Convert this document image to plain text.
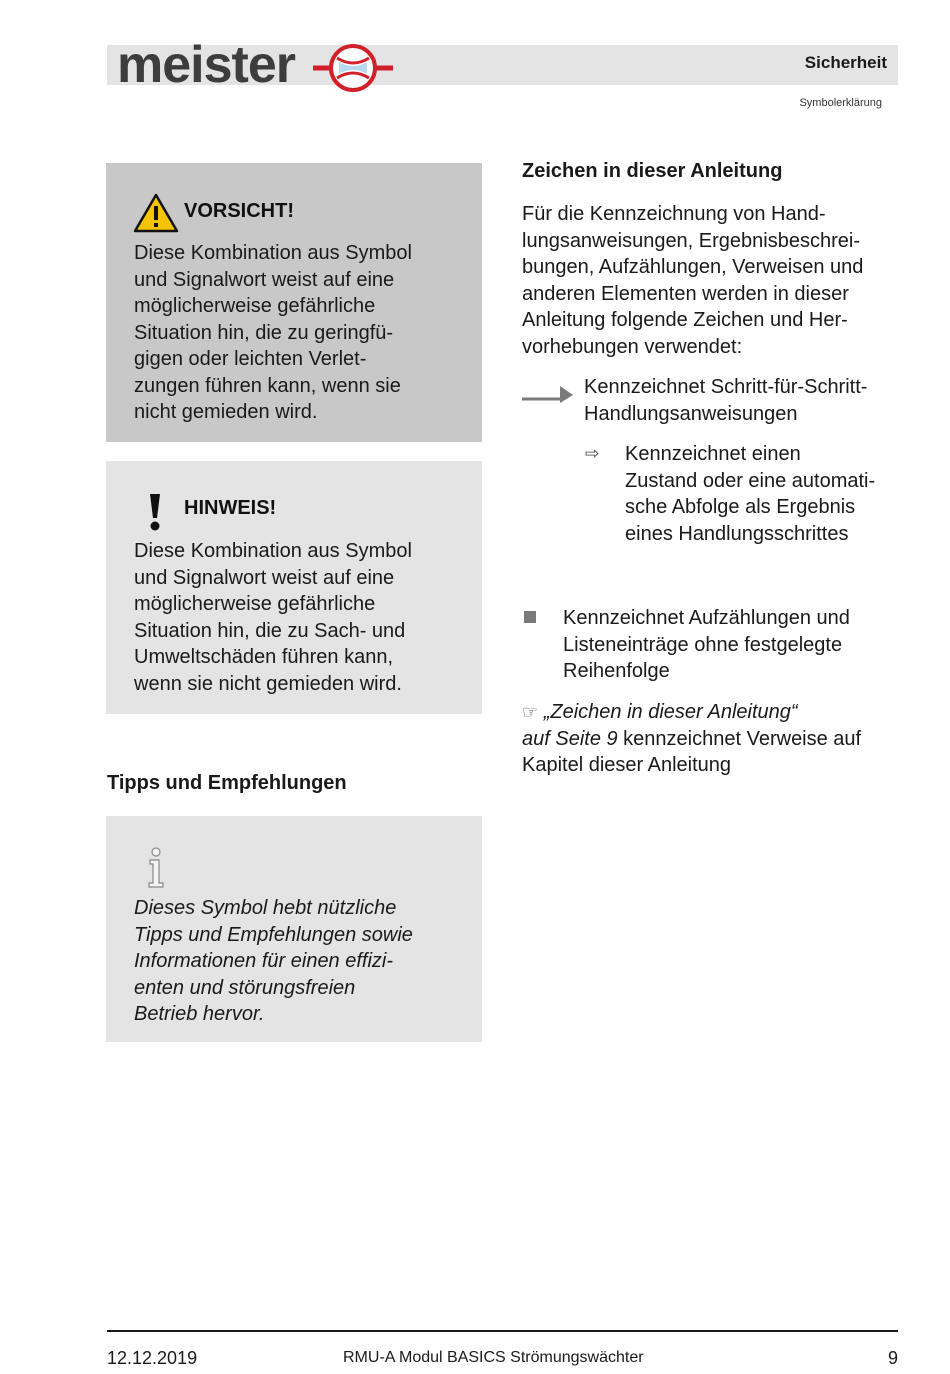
meister	Sicherheit
Symbolerklärung
VORSICHT!
Diese Kombination aus Symbol
und Signalwort weist auf eine
möglicherweise gefährliche
Situation hin, die zu geringfü-
gigen oder leichten Verlet-
zungen führen kann, wenn sie
nicht gemieden wird.
HINWEIS!
Diese Kombination aus Symbol
und Signalwort weist auf eine
möglicherweise gefährliche
Situation hin, die zu Sach- und
Umweltschäden führen kann,
wenn sie nicht gemieden wird.
Tipps und Empfehlungen
Dieses Symbol hebt nützliche
Tipps und Empfehlungen sowie
Informationen für einen effizi-
enten und störungsfreien
Betrieb hervor.
Zeichen in dieser Anleitung
Für die Kennzeichnung von Hand-
lungsanweisungen, Ergebnisbeschrei-
bungen, Aufzählungen, Verweisen und
anderen Elementen werden in dieser
Anleitung folgende Zeichen und Her-
vorhebungen verwendet:
Kennzeichnet Schritt-für-Schritt-
Handlungsanweisungen
⇨ Kennzeichnet einen
Zustand oder eine automati-
sche Abfolge als Ergebnis
eines Handlungsschrittes
Kennzeichnet Aufzählungen und
Listeneinträge ohne festgelegte
Reihenfolge
☞ „Zeichen in dieser Anleitung“
auf Seite 9 kennzeichnet Verweise auf
Kapitel dieser Anleitung
12.12.2019	RMU-A Modul BASICS Strömungswächter	9
